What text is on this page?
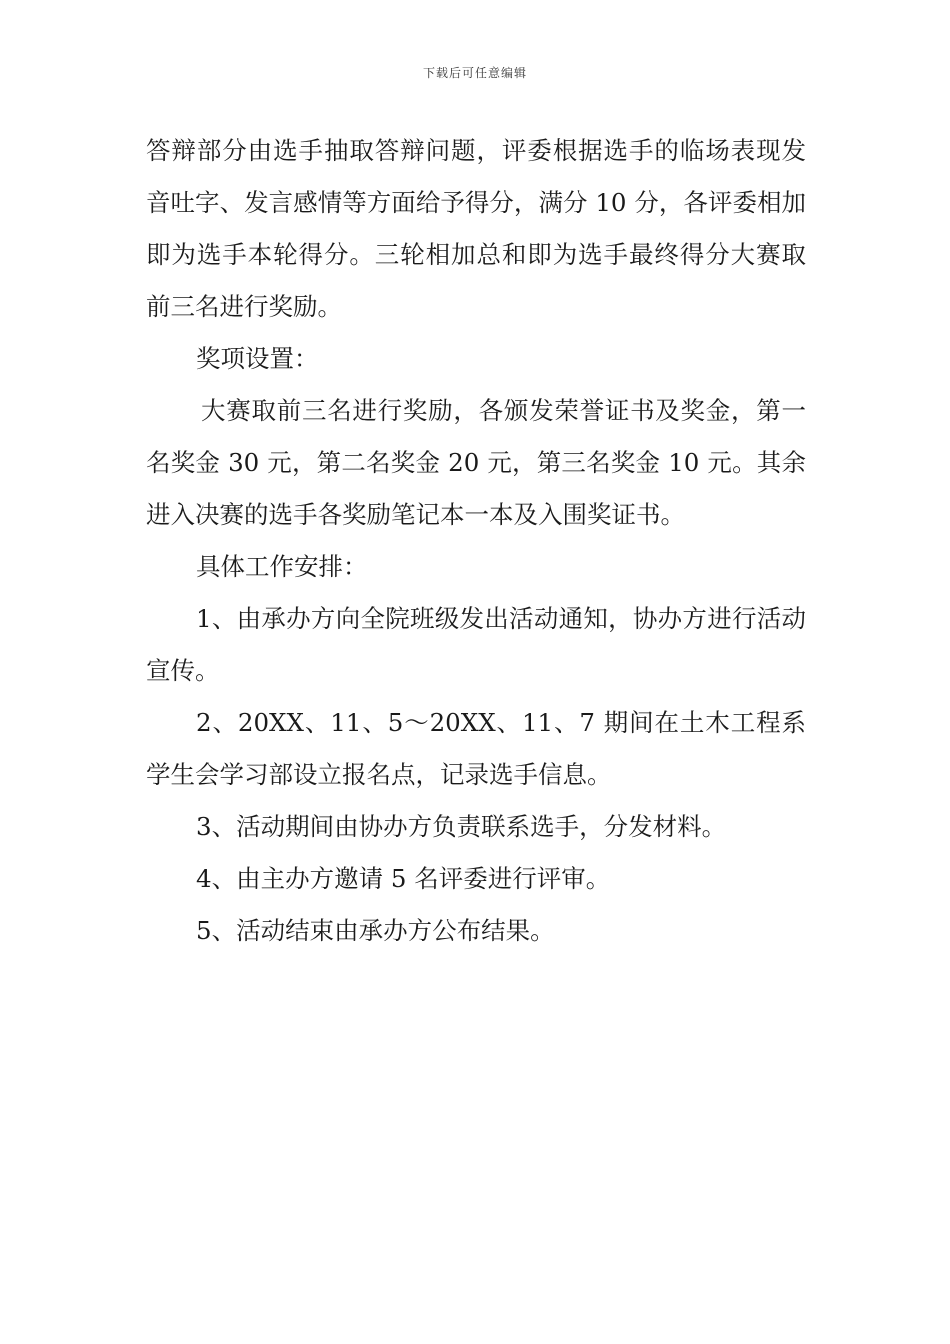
下载后可任意编辑

答辩部分由选手抽取答辩问题，评委根据选手的临场表现发音吐字、发言感情等方面给予得分，满分 10 分，各评委相加即为选手本轮得分。三轮相加总和即为选手最终得分大赛取前三名进行奖励。

奖项设置：

大赛取前三名进行奖励，各颁发荣誉证书及奖金，第一名奖金 30 元，第二名奖金 20 元，第三名奖金 10 元。其余进入决赛的选手各奖励笔记本一本及入围奖证书。

具体工作安排：

1、由承办方向全院班级发出活动通知，协办方进行活动宣传。

2、20XX、11、5～20XX、11、7 期间在土木工程系学生会学习部设立报名点，记录选手信息。

3、活动期间由协办方负责联系选手，分发材料。

4、由主办方邀请 5 名评委进行评审。

5、活动结束由承办方公布结果。
